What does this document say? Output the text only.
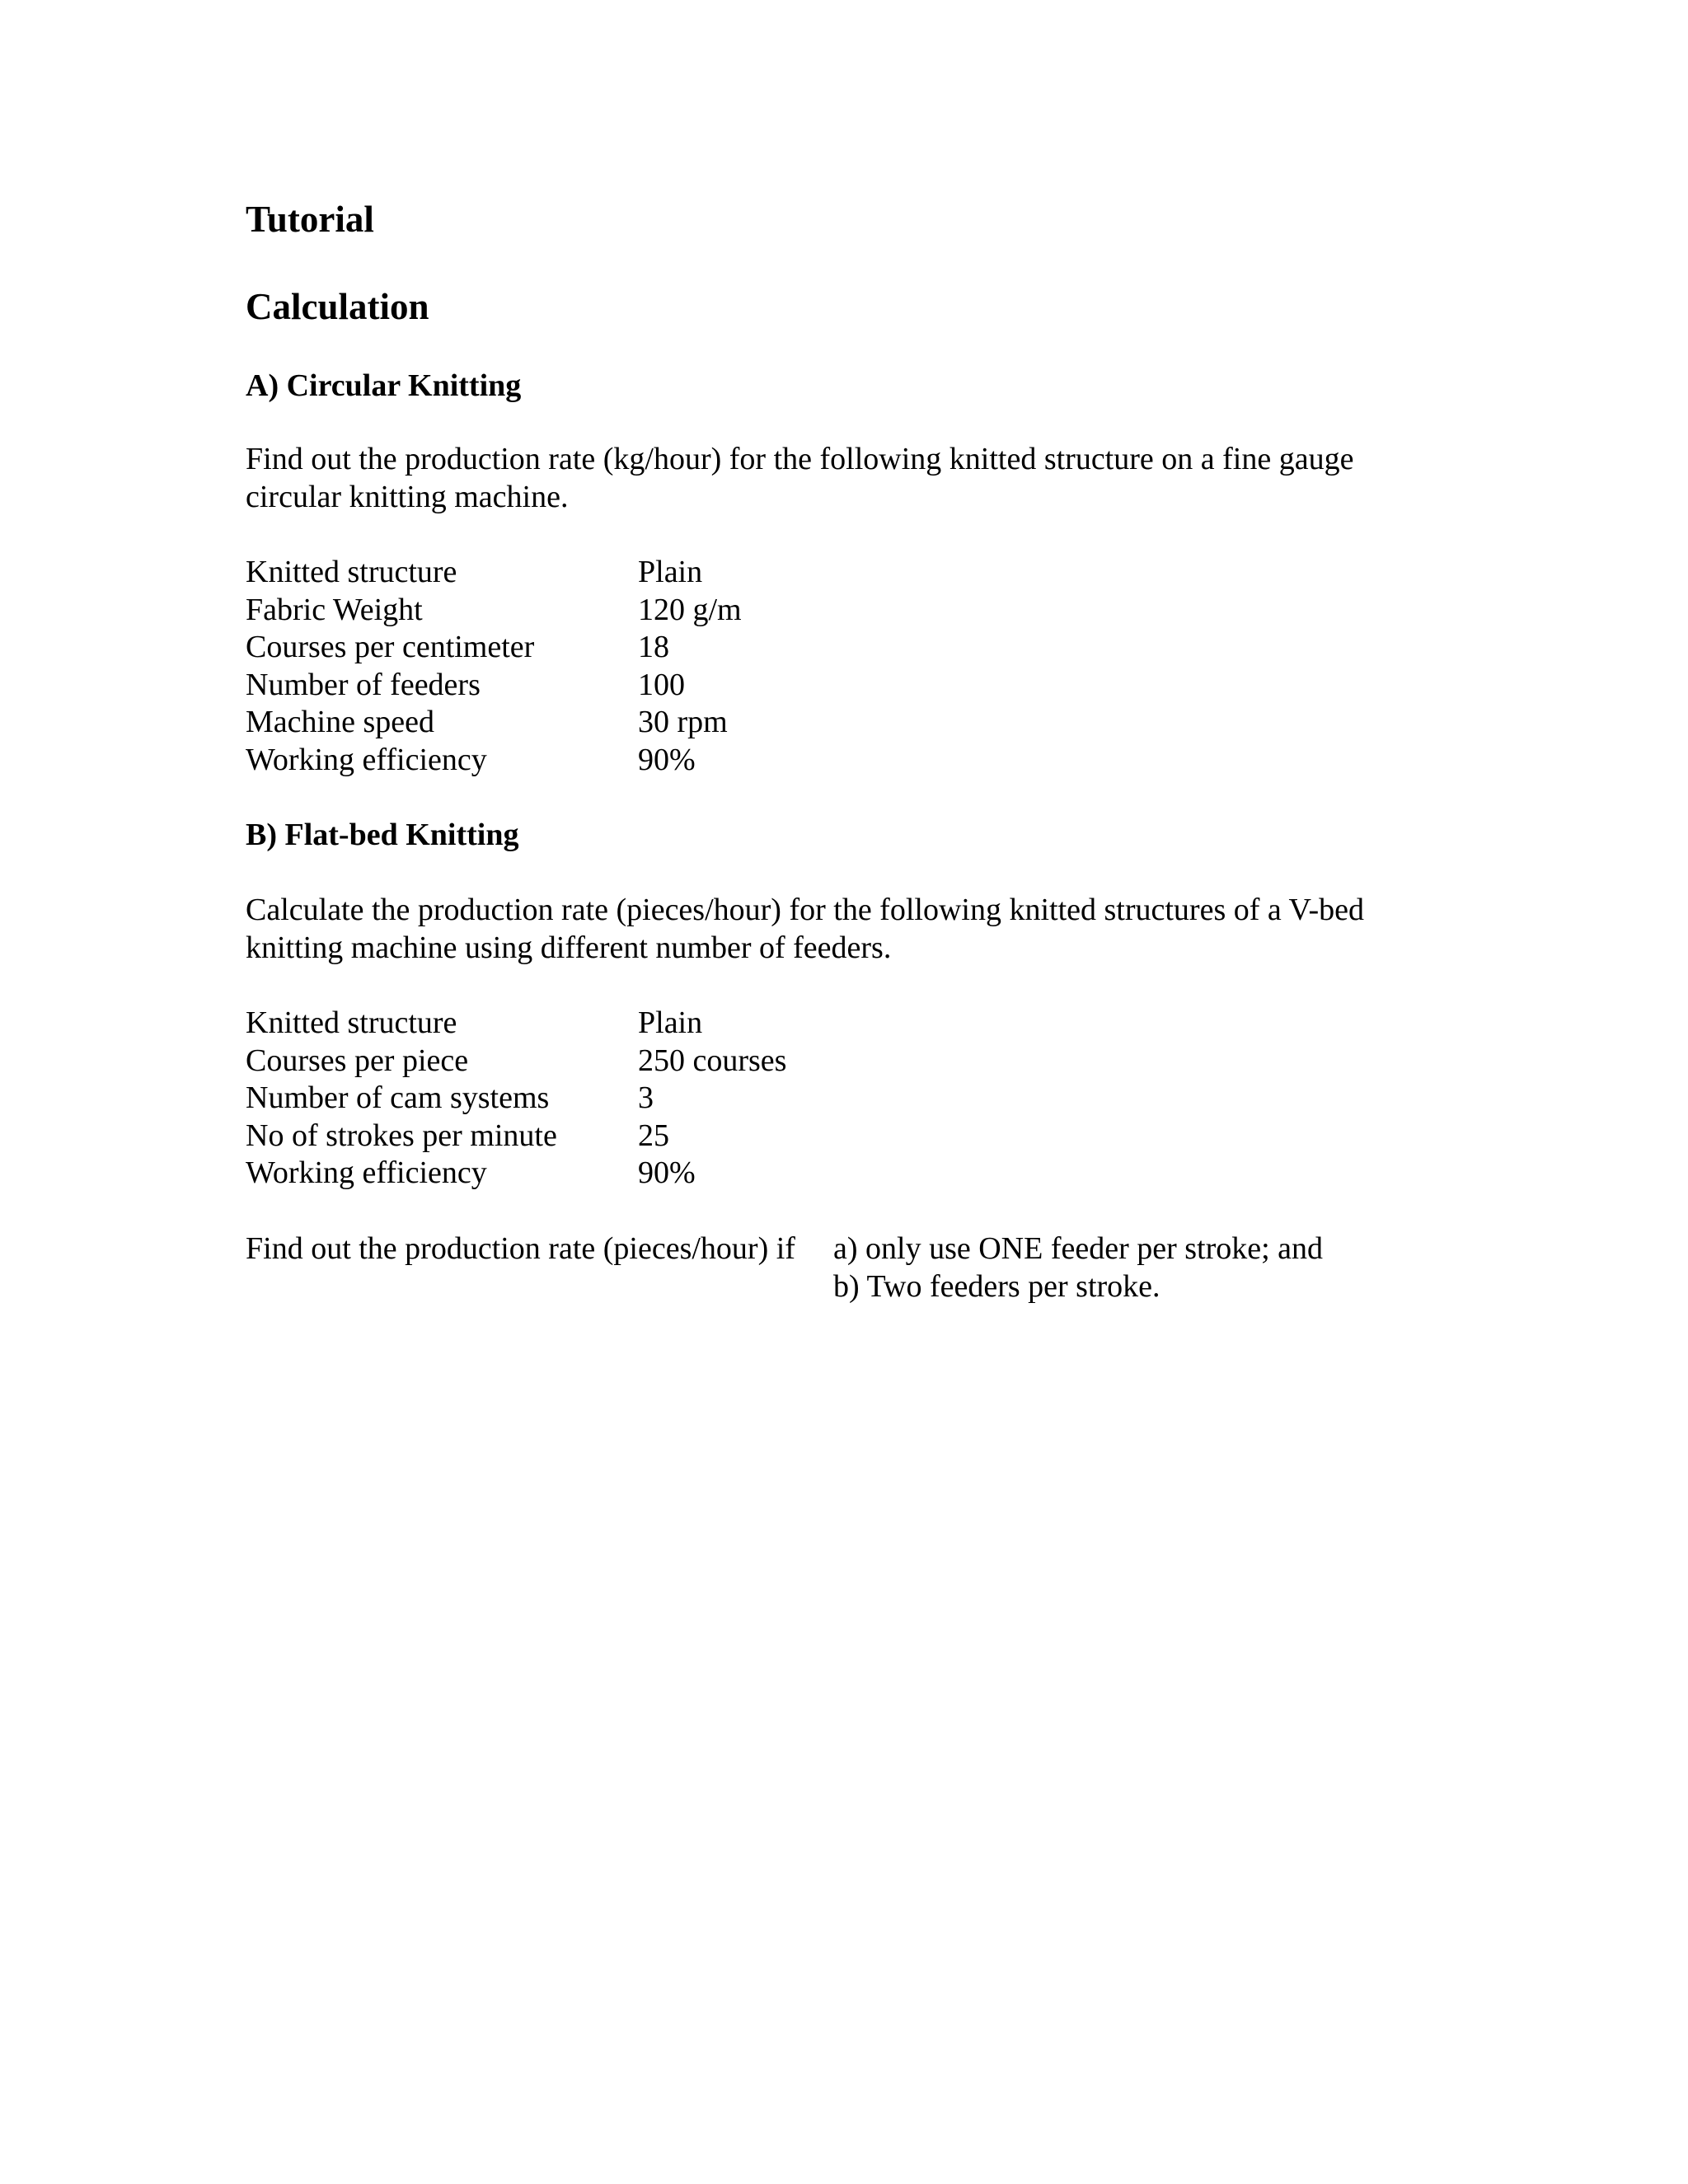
Tutorial
Calculation
A) Circular Knitting
Find out the production rate (kg/hour) for the following knitted structure on a fine gauge
circular knitting machine.
Knitted structure	Plain
Fabric Weight	120 g/m
Courses per centimeter	18
Number of feeders	100
Machine speed	30 rpm
Working efficiency	90%
B) Flat-bed Knitting
Calculate the production rate (pieces/hour) for the following knitted structures of a V-bed
knitting machine using different number of feeders.
Knitted structure	Plain
Courses per piece	250 courses
Number of cam systems	3
No of strokes per minute	25
Working efficiency	90%
Find out the production rate (pieces/hour) if a) only use ONE feeder per stroke; and
b) Two feeders per stroke.
